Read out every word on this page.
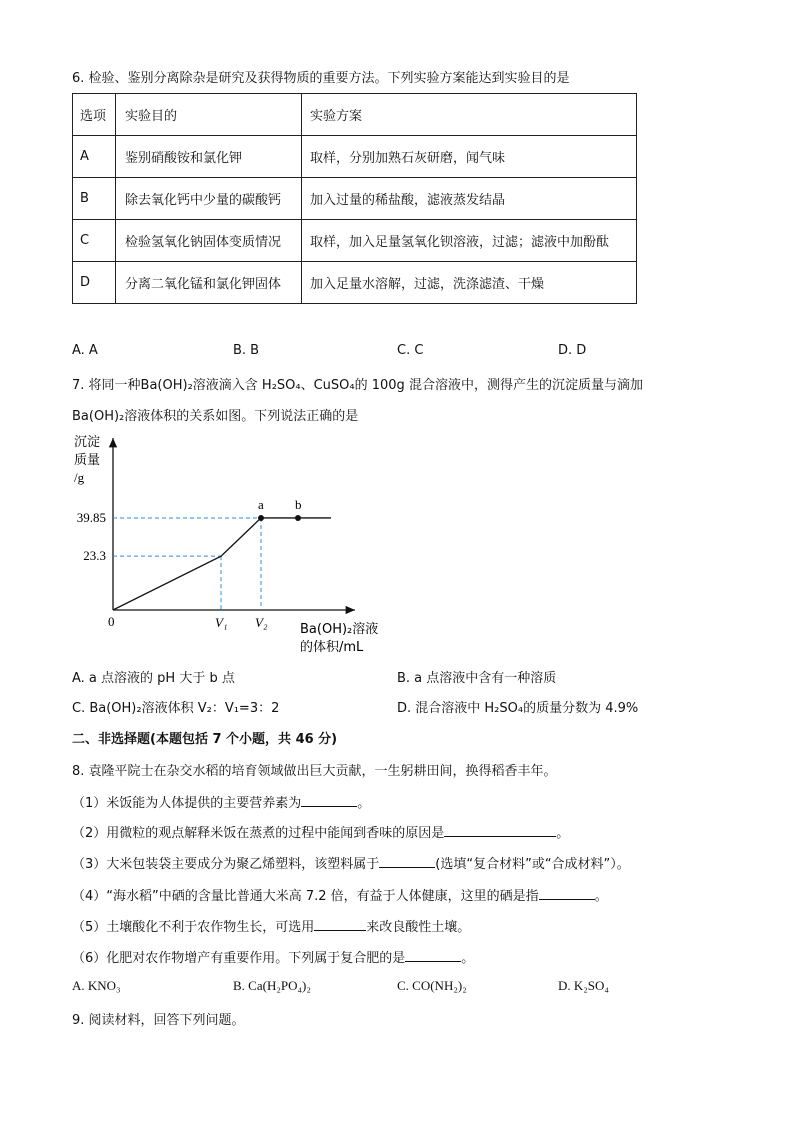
6. 检验、鉴别分离除杂是研究及获得物质的重要方法。下列实验方案能达到实验目的是
选项	实验目的	实验方案
A	鉴别硝酸铵和氯化钾	取样，分别加熟石灰研磨，闻气味
B	除去氧化钙中少量的碳酸钙	加入过量的稀盐酸，滤液蒸发结晶
C	检验氢氧化钠固体变质情况	取样，加入足量氢氧化钡溶液，过滤；滤液中加酚酞
D	分离二氧化锰和氯化钾固体	加入足量水溶解，过滤，洗涤滤渣、干燥
A. A	B. B	C. C	D. D
7. 将同一种Ba(OH)₂溶液滴入含 H₂SO₄、CuSO₄的 100g 混合溶液中，测得产生的沉淀质量与滴加
Ba(OH)₂溶液体积的关系如图。下列说法正确的是
沉淀
质量
/g
0
Ba(OH)₂溶液
的体积/mL
a b
23.3
39.85
V₁ V₂
A. a 点溶液的 pH 大于 b 点	B. a 点溶液中含有一种溶质
C. Ba(OH)₂溶液体积 V₂：V₁=3：2	D. 混合溶液中 H₂SO₄的质量分数为 4.9%
二、非选择题(本题包括 7 个小题，共 46 分)
8. 袁隆平院士在杂交水稻的培育领域做出巨大贡献，一生躬耕田间，换得稻香丰年。
（1）米饭能为人体提供的主要营养素为	。
（2）用微粒的观点解释米饭在蒸煮的过程中能闻到香味的原因是	。
（3）大米包装袋主要成分为聚乙烯塑料，该塑料属于	(选填“复合材料”或“合成材料”）。
（4）“海水稻”中硒的含量比普通大米高 7.2 倍，有益于人体健康，这里的硒是指	。
（5）土壤酸化不利于农作物生长，可选用	来改良酸性土壤。
（6）化肥对农作物增产有重要作用。下列属于复合肥的是	。
A. KNO₃	B. Ca(H₂PO₄)₂	C. CO(NH₂)₂	D. K₂SO₄
9. 阅读材料，回答下列问题。
